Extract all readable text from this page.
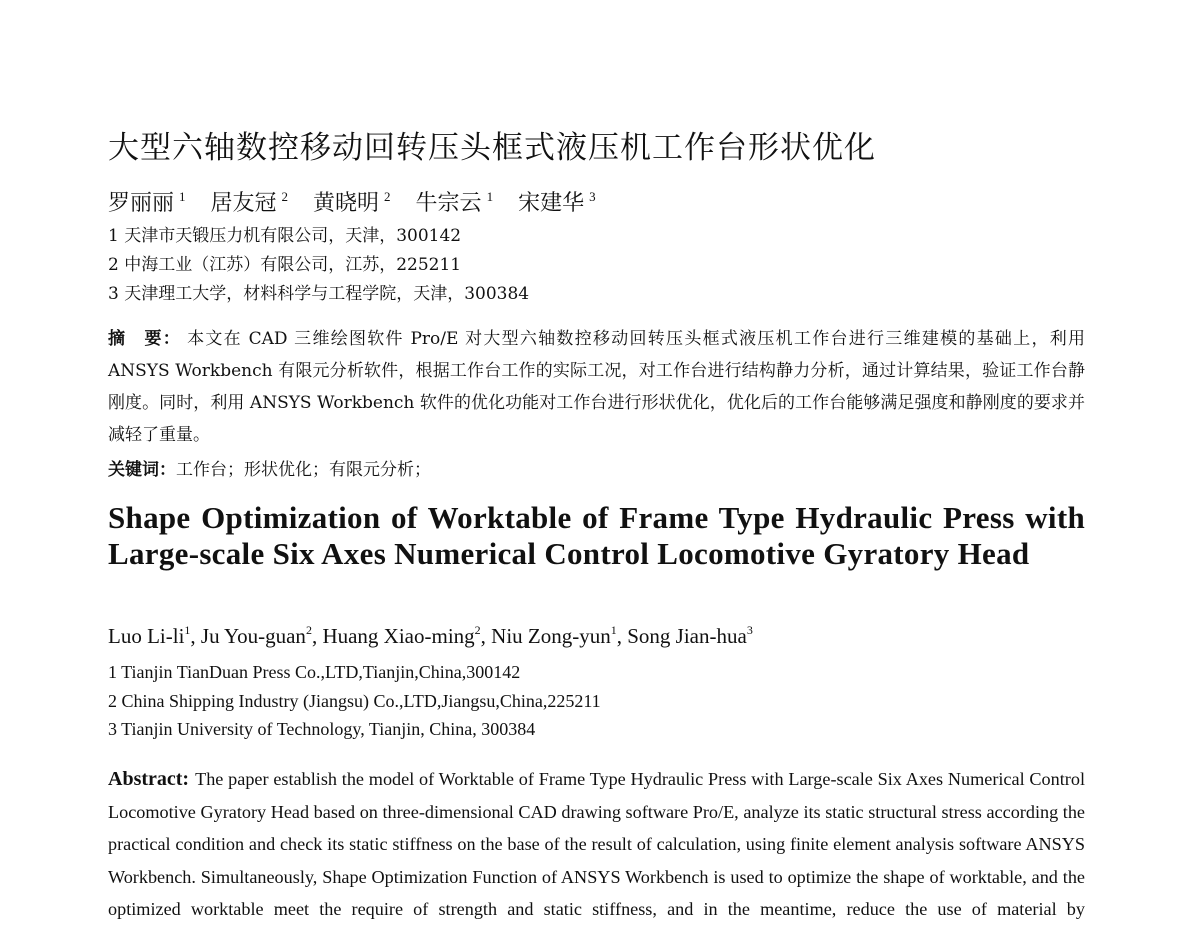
大型六轴数控移动回转压头框式液压机工作台形状优化
罗丽丽 $^1$ 居友冠 $^2$ 黄晓明 $^2$ 牛宗云 $^1$ 宋建华 $^3$
1 天津市天锻压力机有限公司，天津，300142
2 中海工业（江苏）有限公司，江苏，225211
3 天津理工大学，材料科学与工程学院，天津，300384

摘　要： 本文在 CAD 三维绘图软件 Pro/E 对大型六轴数控移动回转压头框式液压机工作台进行三维建模的基础上，利用 ANSYS Workbench 有限元分析软件，根据工作台工作的实际工况，对工作台进行结构静力分析，通过计算结果，验证工作台静刚度。同时，利用 ANSYS Workbench 软件的优化功能对工作台进行形状优化，优化后的工作台能够满足强度和静刚度的要求并减轻了重量。

关键词：工作台；形状优化；有限元分析；

Shape Optimization of Worktable of Frame Type Hydraulic Press with Large-scale Six Axes Numerical Control Locomotive Gyratory Head
Luo $Li-li^1$, Ju You-guan$^2$, Huang Xiao-ming$^2$, Niu Zong-yun$^1$, Song Jian-hua$^3$
1 Tianjin TianDuan Press Co.,LTD,Tianjin,China,300142
2 China Shipping Industry (Jiangsu) Co.,LTD,Jiangsu,China,225211
3 Tianjin University of Technology, Tianjin, China, 300384

Abstract: The paper establish the model of Worktable of Frame Type Hydraulic Press with Large-scale Six Axes Numerical Control Locomotive Gyratory Head based on three-dimensional CAD drawing software Pro/E, analyze its static structural stress according the practical condition and check its static stiffness on the base of the result of calculation, using finite element analysis software ANSYS Workbench. Simultaneously, Shape Optimization Function of ANSYS Workbench is used to optimize the shape of worktable, and the optimized worktable meet the require of strength and static stiffness, and in the meantime, reduce the use of material by
